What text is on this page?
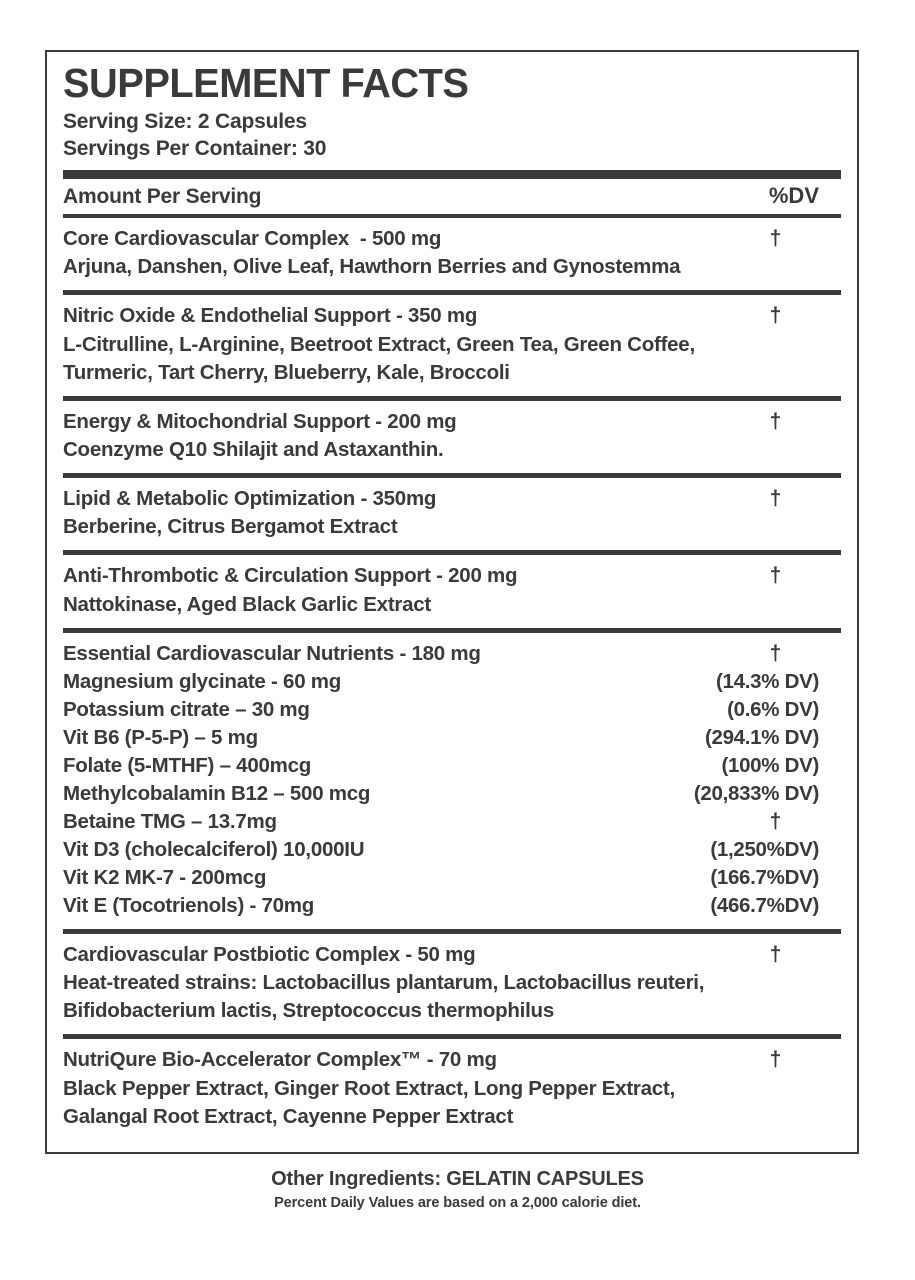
SUPPLEMENT FACTS
Serving Size: 2 Capsules
Servings Per Container: 30
Amount Per Serving	%DV
Core Cardiovascular Complex  - 500 mg	†
Arjuna, Danshen, Olive Leaf, Hawthorn Berries and Gynostemma
Nitric Oxide & Endothelial Support - 350 mg	†
L-Citrulline, L-Arginine, Beetroot Extract, Green Tea, Green Coffee,
Turmeric, Tart Cherry, Blueberry, Kale, Broccoli
Energy & Mitochondrial Support - 200 mg	†
Coenzyme Q10 Shilajit and Astaxanthin.
Lipid & Metabolic Optimization - 350mg	†
Berberine, Citrus Bergamot Extract
Anti-Thrombotic & Circulation Support - 200 mg	†
Nattokinase, Aged Black Garlic Extract
Essential Cardiovascular Nutrients - 180 mg	†
Magnesium glycinate - 60 mg	(14.3% DV)
Potassium citrate – 30 mg	(0.6% DV)
Vit B6 (P-5-P) – 5 mg	(294.1% DV)
Folate (5-MTHF) – 400mcg	(100% DV)
Methylcobalamin B12 – 500 mcg	(20,833% DV)
Betaine TMG – 13.7mg	†
Vit D3 (cholecalciferol) 10,000IU	(1,250%DV)
Vit K2 MK-7 - 200mcg	(166.7%DV)
Vit E (Tocotrienols) - 70mg	(466.7%DV)
Cardiovascular Postbiotic Complex - 50 mg	†
Heat-treated strains: Lactobacillus plantarum, Lactobacillus reuteri,
Bifidobacterium lactis, Streptococcus thermophilus
NutriQure Bio-Accelerator Complex™ - 70 mg	†
Black Pepper Extract, Ginger Root Extract, Long Pepper Extract,
Galangal Root Extract, Cayenne Pepper Extract
Other Ingredients: GELATIN CAPSULES
Percent Daily Values are based on a 2,000 calorie diet.
